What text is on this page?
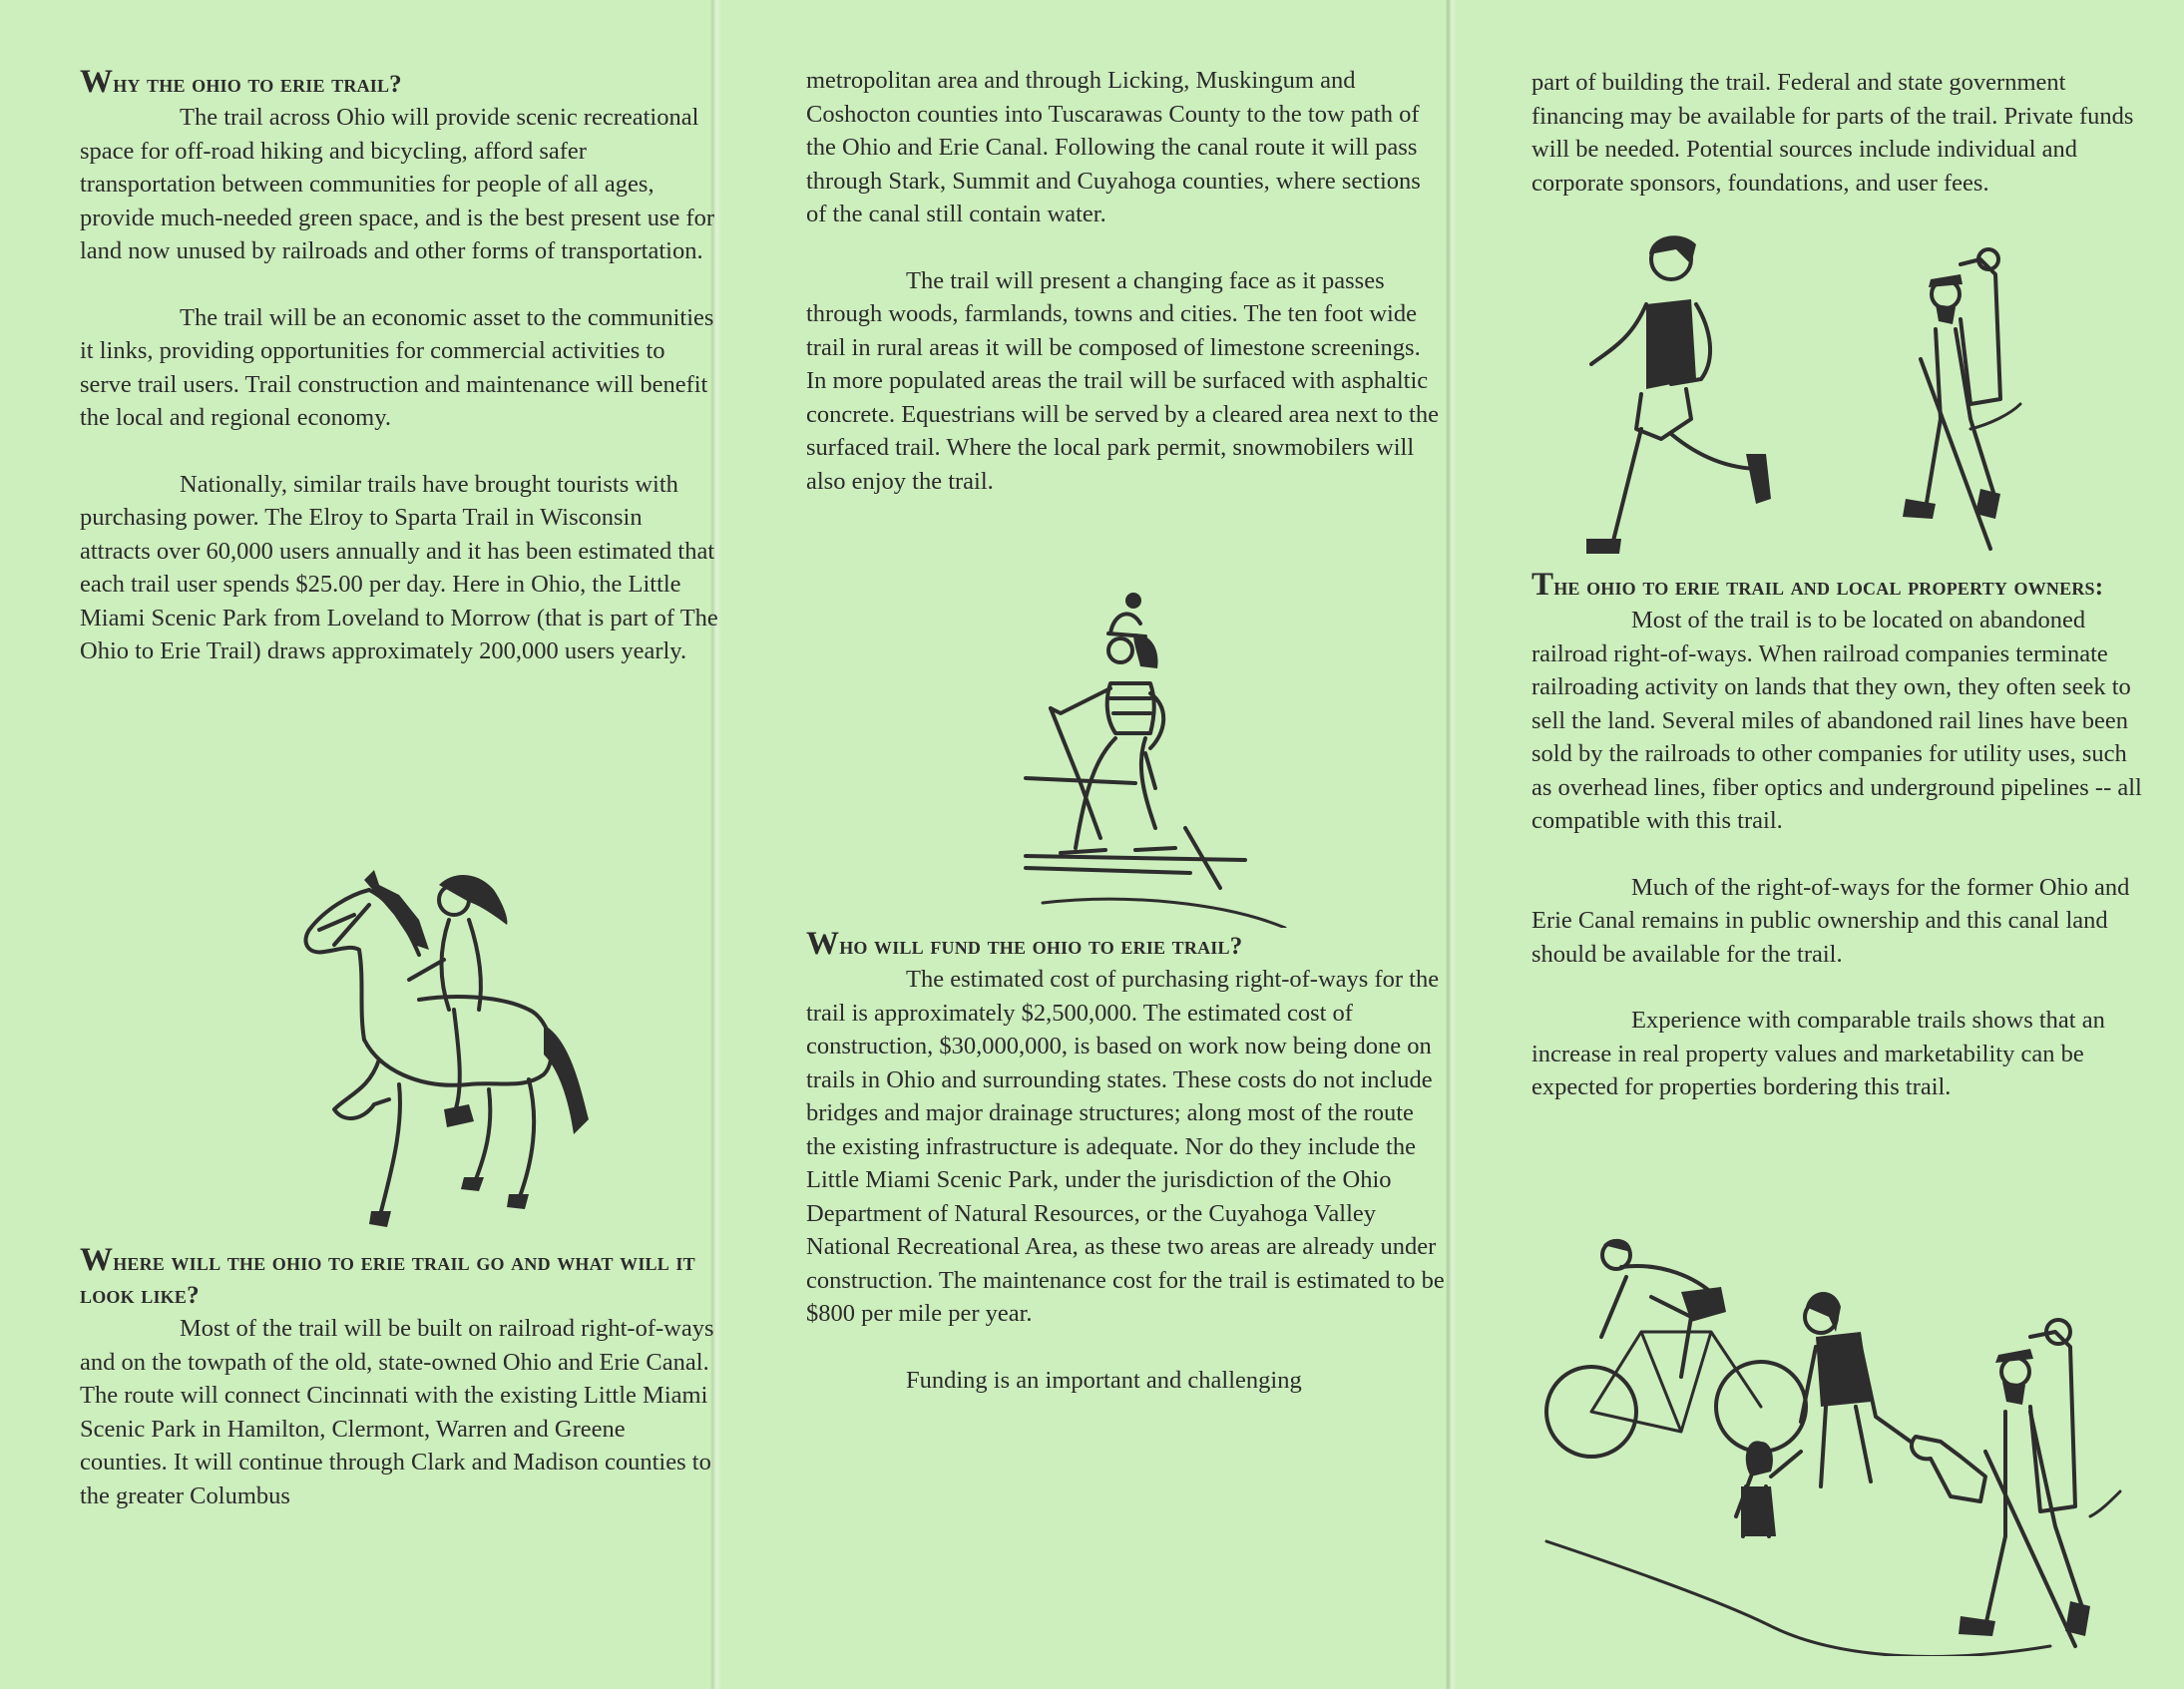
Why the ohio to erie trail?

The trail across Ohio will provide scenic recreational space for off-road hiking and bicycling, afford safer transportation between communities for people of all ages, provide much-needed green space, and is the best present use for land now unused by railroads and other forms of transportation.

The trail will be an economic asset to the communities it links, providing opportunities for commercial activities to serve trail users. Trail construction and maintenance will benefit the local and regional economy.

Nationally, similar trails have brought tourists with purchasing power. The Elroy to Sparta Trail in Wisconsin attracts over 60,000 users annually and it has been estimated that each trail user spends $25.00 per day. Here in Ohio, the Little Miami Scenic Park from Loveland to Morrow (that is part of The Ohio to Erie Trail) draws approximately 200,000 users yearly.

Where will the ohio to erie trail go and what will it look like?

Most of the trail will be built on railroad right-of-ways and on the towpath of the old, state-owned Ohio and Erie Canal. The route will connect Cincinnati with the existing Little Miami Scenic Park in Hamilton, Clermont, Warren and Greene counties. It will continue through Clark and Madison counties to the greater Columbus

metropolitan area and through Licking, Muskingum and Coshocton counties into Tuscarawas County to the tow path of the Ohio and Erie Canal. Following the canal route it will pass through Stark, Summit and Cuyahoga counties, where sections of the canal still contain water.

The trail will present a changing face as it passes through woods, farmlands, towns and cities. The ten foot wide trail in rural areas it will be composed of limestone screenings. In more populated areas the trail will be surfaced with asphaltic concrete. Equestrians will be served by a cleared area next to the surfaced trail. Where the local park permit, snowmobilers will also enjoy the trail.

Who will fund the ohio to erie trail?

The estimated cost of purchasing right-of-ways for the trail is approximately $2,500,000. The estimated cost of construction, $30,000,000, is based on work now being done on trails in Ohio and surrounding states. These costs do not include bridges and major drainage structures; along most of the route the existing infrastructure is adequate. Nor do they include the Little Miami Scenic Park, under the jurisdiction of the Ohio Department of Natural Resources, or the Cuyahoga Valley National Recreational Area, as these two areas are already under construction. The maintenance cost for the trail is estimated to be $800 per mile per year.

Funding is an important and challenging

part of building the trail. Federal and state government financing may be available for parts of the trail. Private funds will be needed. Potential sources include individual and corporate sponsors, foundations, and user fees.

The ohio to erie trail and local property owners:

Most of the trail is to be located on abandoned railroad right-of-ways. When railroad companies terminate railroading activity on lands that they own, they often seek to sell the land. Several miles of abandoned rail lines have been sold by the railroads to other companies for utility uses, such as overhead lines, fiber optics and underground pipelines -- all compatible with this trail.

Much of the right-of-ways for the former Ohio and Erie Canal remains in public ownership and this canal land should be available for the trail.

Experience with comparable trails shows that an increase in real property values and marketability can be expected for properties bordering this trail.
